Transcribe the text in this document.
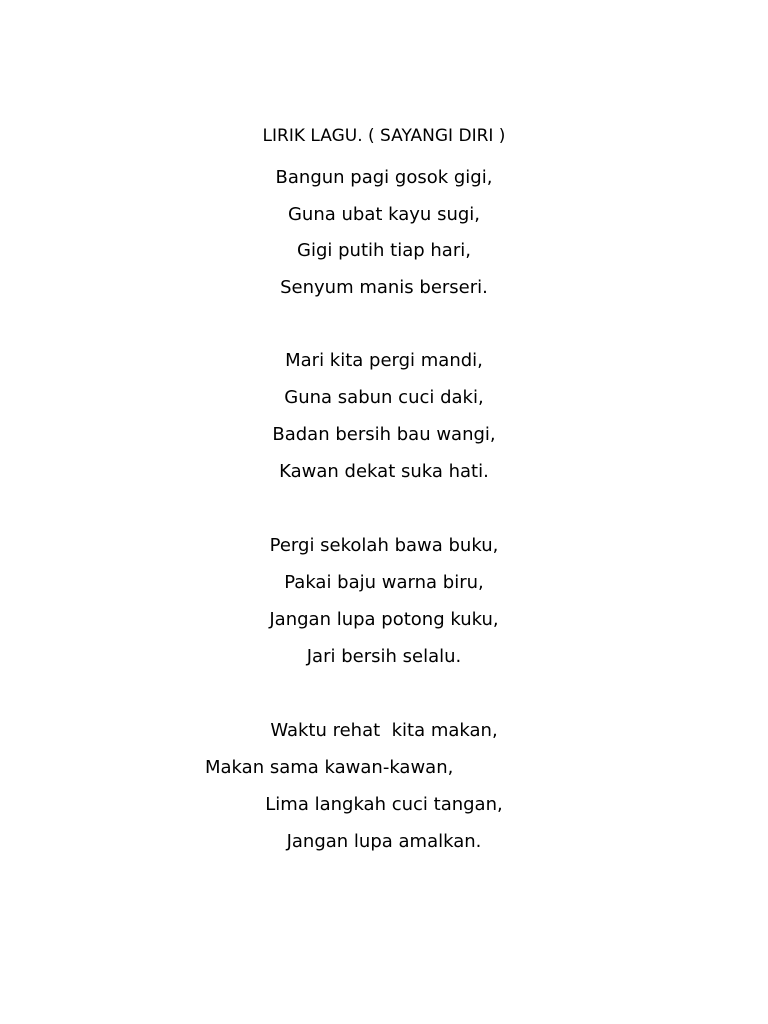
LIRIK LAGU. ( SAYANGI DIRI )
Bangun pagi gosok gigi,
Guna ubat kayu sugi,
Gigi putih tiap hari,
Senyum manis berseri.
Mari kita pergi mandi,
Guna sabun cuci daki,
Badan bersih bau wangi,
Kawan dekat suka hati.
Pergi sekolah bawa buku,
Pakai baju warna biru,
Jangan lupa potong kuku,
Jari bersih selalu.
Waktu rehat  kita makan,
Makan sama kawan-kawan,
Lima langkah cuci tangan,
Jangan lupa amalkan.
